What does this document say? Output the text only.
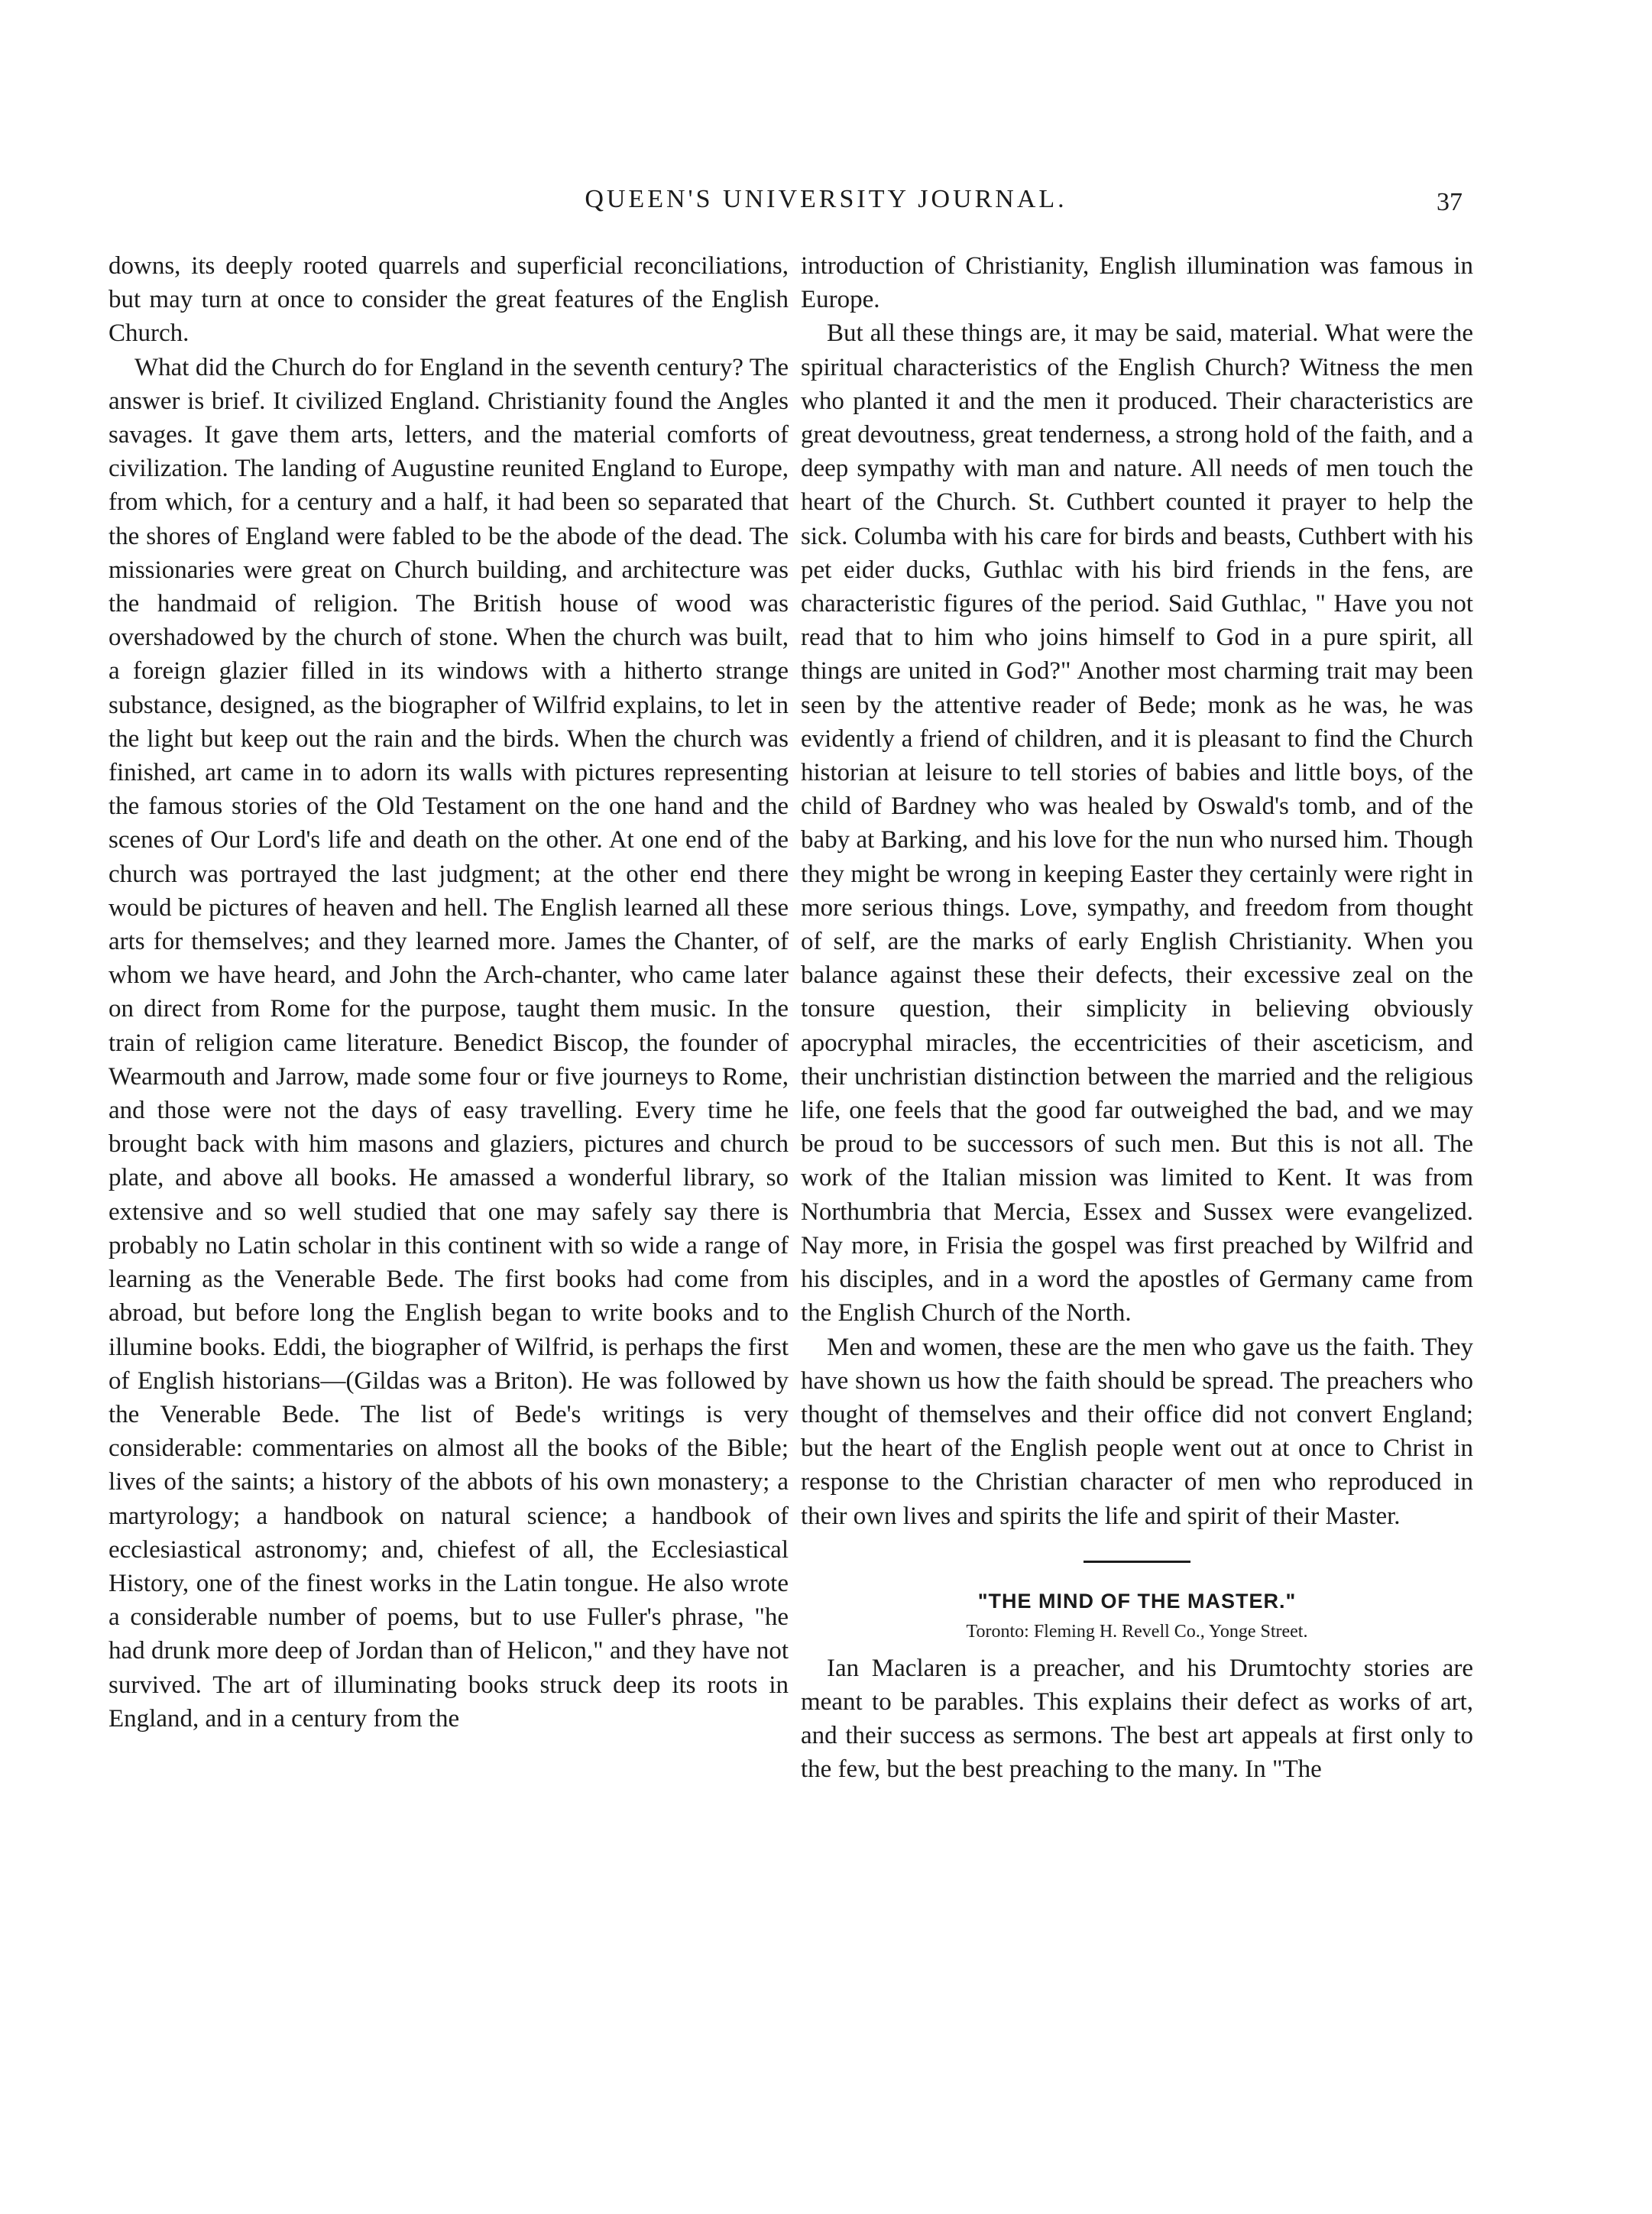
QUEEN'S UNIVERSITY JOURNAL.	37

downs, its deeply rooted quarrels and superficial reconciliations, but may turn at once to consider the great features of the English Church.

What did the Church do for England in the seventh century? The answer is brief. It civilized England. Christianity found the Angles savages. It gave them arts, letters, and the material comforts of civilization. The landing of Augustine reunited England to Europe, from which, for a century and a half, it had been so separated that the shores of England were fabled to be the abode of the dead. The missionaries were great on Church building, and architecture was the handmaid of religion. The British house of wood was overshadowed by the church of stone. When the church was built, a foreign glazier filled in its windows with a hitherto strange substance, designed, as the biographer of Wilfrid explains, to let in the light but keep out the rain and the birds. When the church was finished, art came in to adorn its walls with pictures representing the famous stories of the Old Testament on the one hand and the scenes of Our Lord's life and death on the other. At one end of the church was portrayed the last judgment; at the other end there would be pictures of heaven and hell. The English learned all these arts for themselves; and they learned more. James the Chanter, of whom we have heard, and John the Arch-chanter, who came later on direct from Rome for the purpose, taught them music. In the train of religion came literature. Benedict Biscop, the founder of Wearmouth and Jarrow, made some four or five journeys to Rome, and those were not the days of easy travelling. Every time he brought back with him masons and glaziers, pictures and church plate, and above all books. He amassed a wonderful library, so extensive and so well studied that one may safely say there is probably no Latin scholar in this continent with so wide a range of learning as the Venerable Bede. The first books had come from abroad, but before long the English began to write books and to illumine books. Eddi, the biographer of Wilfrid, is perhaps the first of English historians—(Gildas was a Briton). He was followed by the Venerable Bede. The list of Bede's writings is very considerable: commentaries on almost all the books of the Bible; lives of the saints; a history of the abbots of his own monastery; a martyrology; a handbook on natural science; a handbook of ecclesiastical astronomy; and, chiefest of all, the Ecclesiastical History, one of the finest works in the Latin tongue. He also wrote a considerable number of poems, but to use Fuller's phrase, "he had drunk more deep of Jordan than of Helicon," and they have not survived. The art of illuminating books struck deep its roots in England, and in a century from the

introduction of Christianity, English illumination was famous in Europe.

But all these things are, it may be said, material. What were the spiritual characteristics of the English Church? Witness the men who planted it and the men it produced. Their characteristics are great devoutness, great tenderness, a strong hold of the faith, and a deep sympathy with man and nature. All needs of men touch the heart of the Church. St. Cuthbert counted it prayer to help the sick. Columba with his care for birds and beasts, Cuthbert with his pet eider ducks, Guthlac with his bird friends in the fens, are characteristic figures of the period. Said Guthlac, " Have you not read that to him who joins himself to God in a pure spirit, all things are united in God?" Another most charming trait may been seen by the attentive reader of Bede; monk as he was, he was evidently a friend of children, and it is pleasant to find the Church historian at leisure to tell stories of babies and little boys, of the child of Bardney who was healed by Oswald's tomb, and of the baby at Barking, and his love for the nun who nursed him. Though they might be wrong in keeping Easter they certainly were right in more serious things. Love, sympathy, and freedom from thought of self, are the marks of early English Christianity. When you balance against these their defects, their excessive zeal on the tonsure question, their simplicity in believing obviously apocryphal miracles, the eccentricities of their asceticism, and their unchristian distinction between the married and the religious life, one feels that the good far outweighed the bad, and we may be proud to be successors of such men. But this is not all. The work of the Italian mission was limited to Kent. It was from Northumbria that Mercia, Essex and Sussex were evangelized. Nay more, in Frisia the gospel was first preached by Wilfrid and his disciples, and in a word the apostles of Germany came from the English Church of the North.

Men and women, these are the men who gave us the faith. They have shown us how the faith should be spread. The preachers who thought of themselves and their office did not convert England; but the heart of the English people went out at once to Christ in response to the Christian character of men who reproduced in their own lives and spirits the life and spirit of their Master.

"THE MIND OF THE MASTER."
Toronto: Fleming H. Revell Co., Yonge Street.

Ian Maclaren is a preacher, and his Drumtochty stories are meant to be parables. This explains their defect as works of art, and their success as sermons. The best art appeals at first only to the few, but the best preaching to the many. In "The
